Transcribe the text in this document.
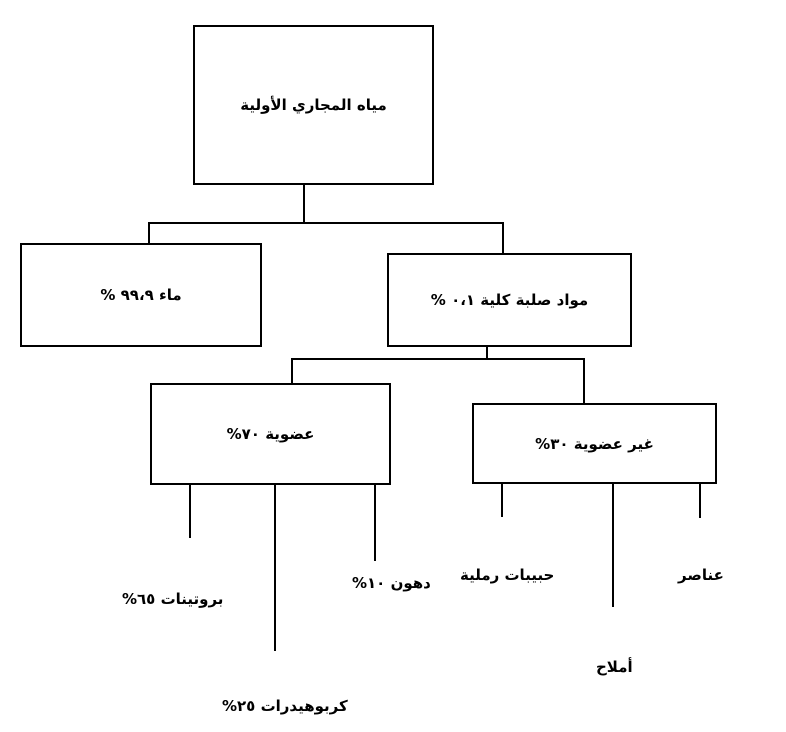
مياه المجاري الأولية
ماء ٩٩،٩ %	مواد صلبة كلية ٠،١ %
عضوية ٧٠%
غير عضوية ٣٠%
بروتينات ٦٥%
كربوهيدرات ٢٥%
دهون ١٠% حبيبات رملية
أملاح
عناصر
